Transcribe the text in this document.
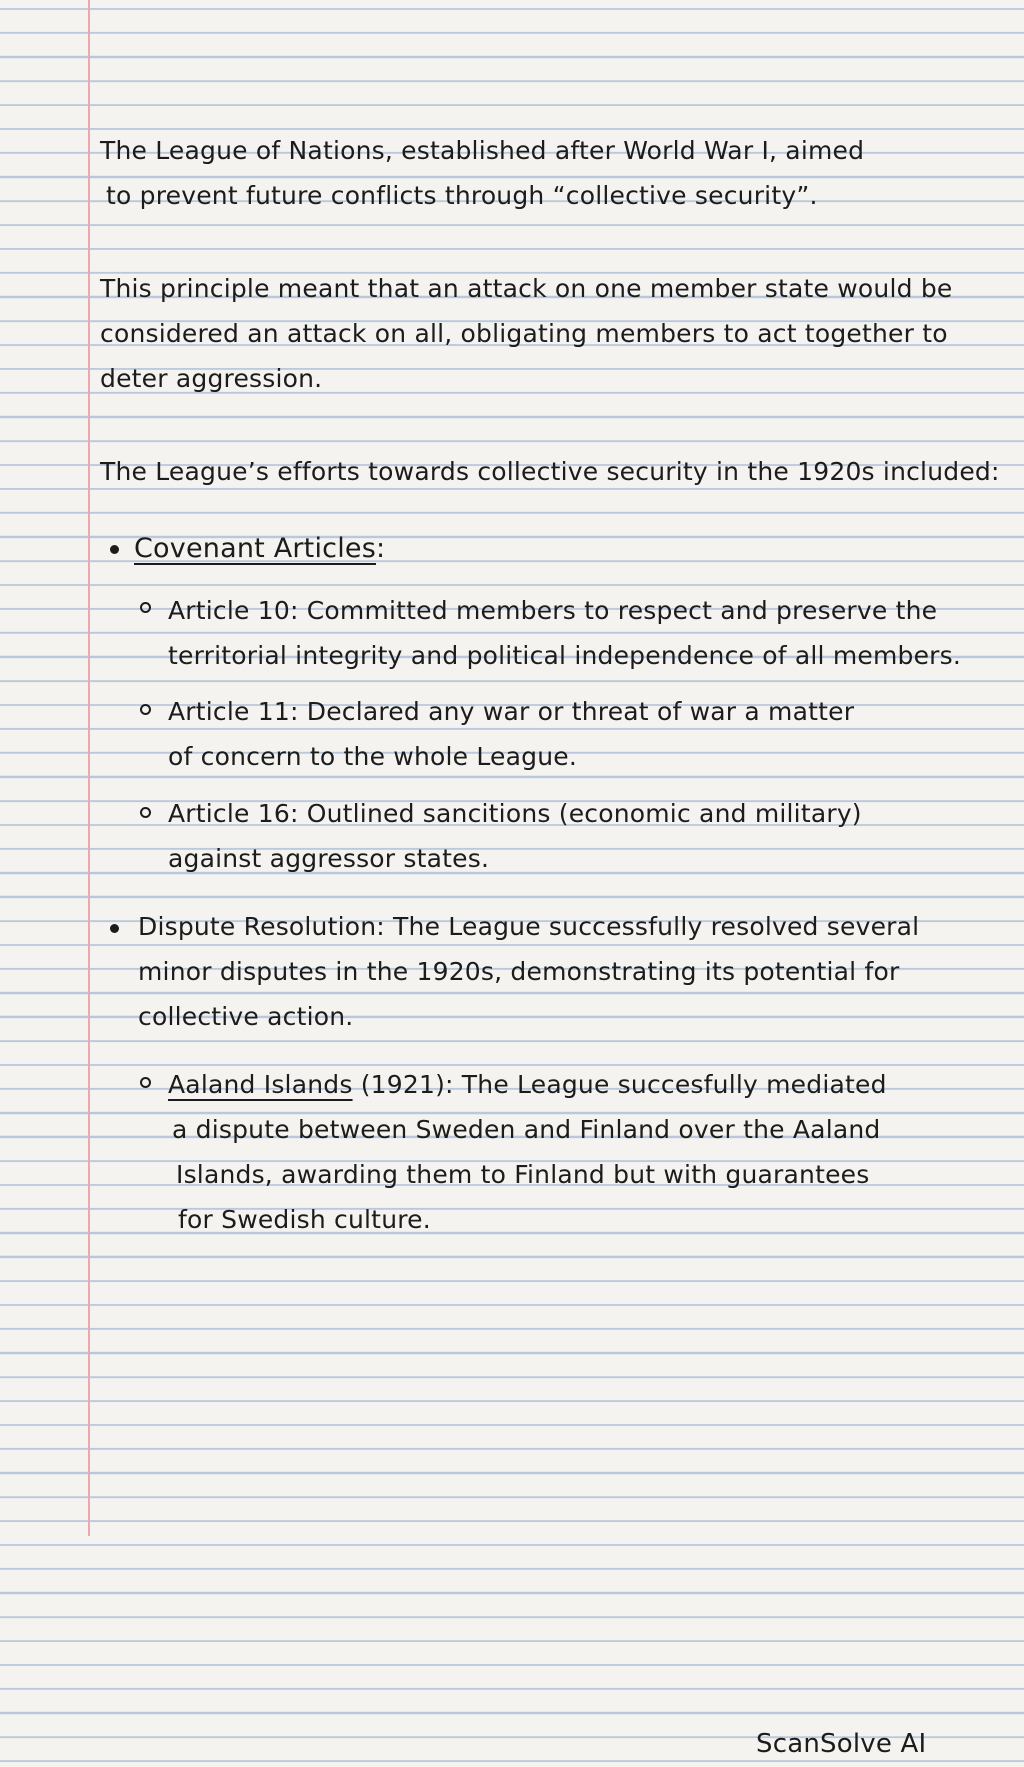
The League of Nations, established after World War I, aimed
to prevent future conflicts through “collective security”.

This principle meant that an attack on one member state would be
considered an attack on all, obligating members to act together to
deter aggression.

The League’s efforts towards collective security in the 1920s included:

Covenant Articles:

Article 10: Committed members to respect and preserve the
territorial integrity and political independence of all members.

Article 11: Declared any war or threat of war a matter
of concern to the whole League.

Article 16: Outlined sancitions (economic and military)
against aggressor states.

Dispute Resolution: The League successfully resolved several
minor disputes in the 1920s, demonstrating its potential for
collective action.

Aaland Islands (1921): The League succesfully mediated
a dispute between Sweden and Finland over the Aaland
Islands, awarding them to Finland but with guarantees
for Swedish culture.

ScanSolve AI
